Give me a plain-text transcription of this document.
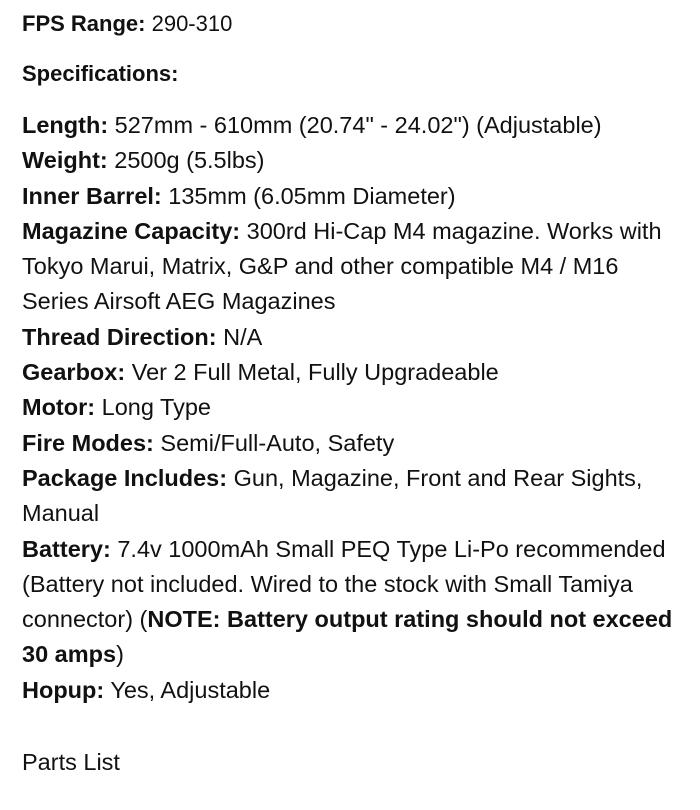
FPS Range: 290-310
Specifications:

Length: 527mm - 610mm (20.74" - 24.02") (Adjustable)

Weight: 2500g (5.5lbs)

Inner Barrel: 135mm (6.05mm Diameter)

Magazine Capacity: 300rd Hi-Cap M4 magazine. Works with Tokyo Marui, Matrix, G&P and other compatible M4 / M16 Series Airsoft AEG Magazines

Thread Direction: N/A

Gearbox: Ver 2 Full Metal, Fully Upgradeable

Motor: Long Type

Fire Modes: Semi/Full-Auto, Safety

Package Includes: Gun, Magazine, Front and Rear Sights, Manual

Battery: 7.4v 1000mAh Small PEQ Type Li-Po recommended (Battery not included. Wired to the stock with Small Tamiya connector) (NOTE: Battery output rating should not exceed 30 amps)

Hopup: Yes, Adjustable

Parts List
